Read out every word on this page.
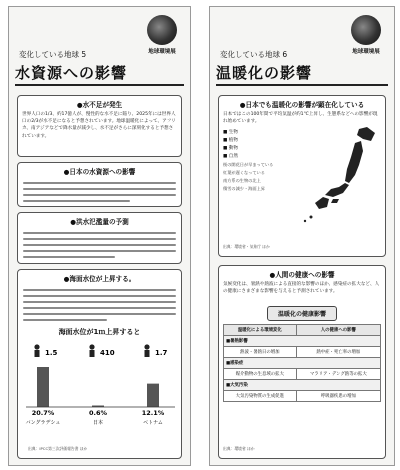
変化している地球 5	地球環境展
水資源への影響
●水不足が発生
世界人口の1/3、約17億人が、慢性的な水不足に陥り、2025年には世界人口の2/3が水不足になると予想されています。地球温暖化によって、アフリカ、南アジアなどで降水量が減少し、水不足がさらに深刻化すると予想されています。
●日本の水資源への影響
●洪水氾濫量の予測
●海面水位が上昇する。
海面水位が1ｍ上昇すると
1.5
20.7%
バングラデシュ
410
0.6%
日本
1.7
12.1%
ベトナム
出典：IPCC第三次評価報告書 ほか
変化している地球 6	地球環境展
温暖化の影響
●日本でも温暖化の影響が顕在化している
日本ではこの100年間で平均気温が約1℃上昇し、生態系などへの影響が現れ始めています。
■ 生物
■ 植物
■ 動物
■ 自然
桜の開花日が早まっている
紅葉が遅くなっている
南方系の生物の北上
積雪の減少・海面上昇
出典：環境省・気象庁 ほか
●人間の健康への影響
気候変化は、暑熱や熱波による直接的な影響のほか、感染症の拡大など、人の健康にさまざまな影響を与えると予測されています。
温暖化の健康影響
温暖化による環境変化	人の健康への影響
■暑熱影響	
熱波・暑熱日の増加	熱中症・死亡率の増加
■感染症	
媒介動物の生息域の拡大	マラリア・デング熱等の拡大
■大気汚染	
大気汚染物質の生成促進	呼吸器疾患の増加
出典：環境省 ほか
